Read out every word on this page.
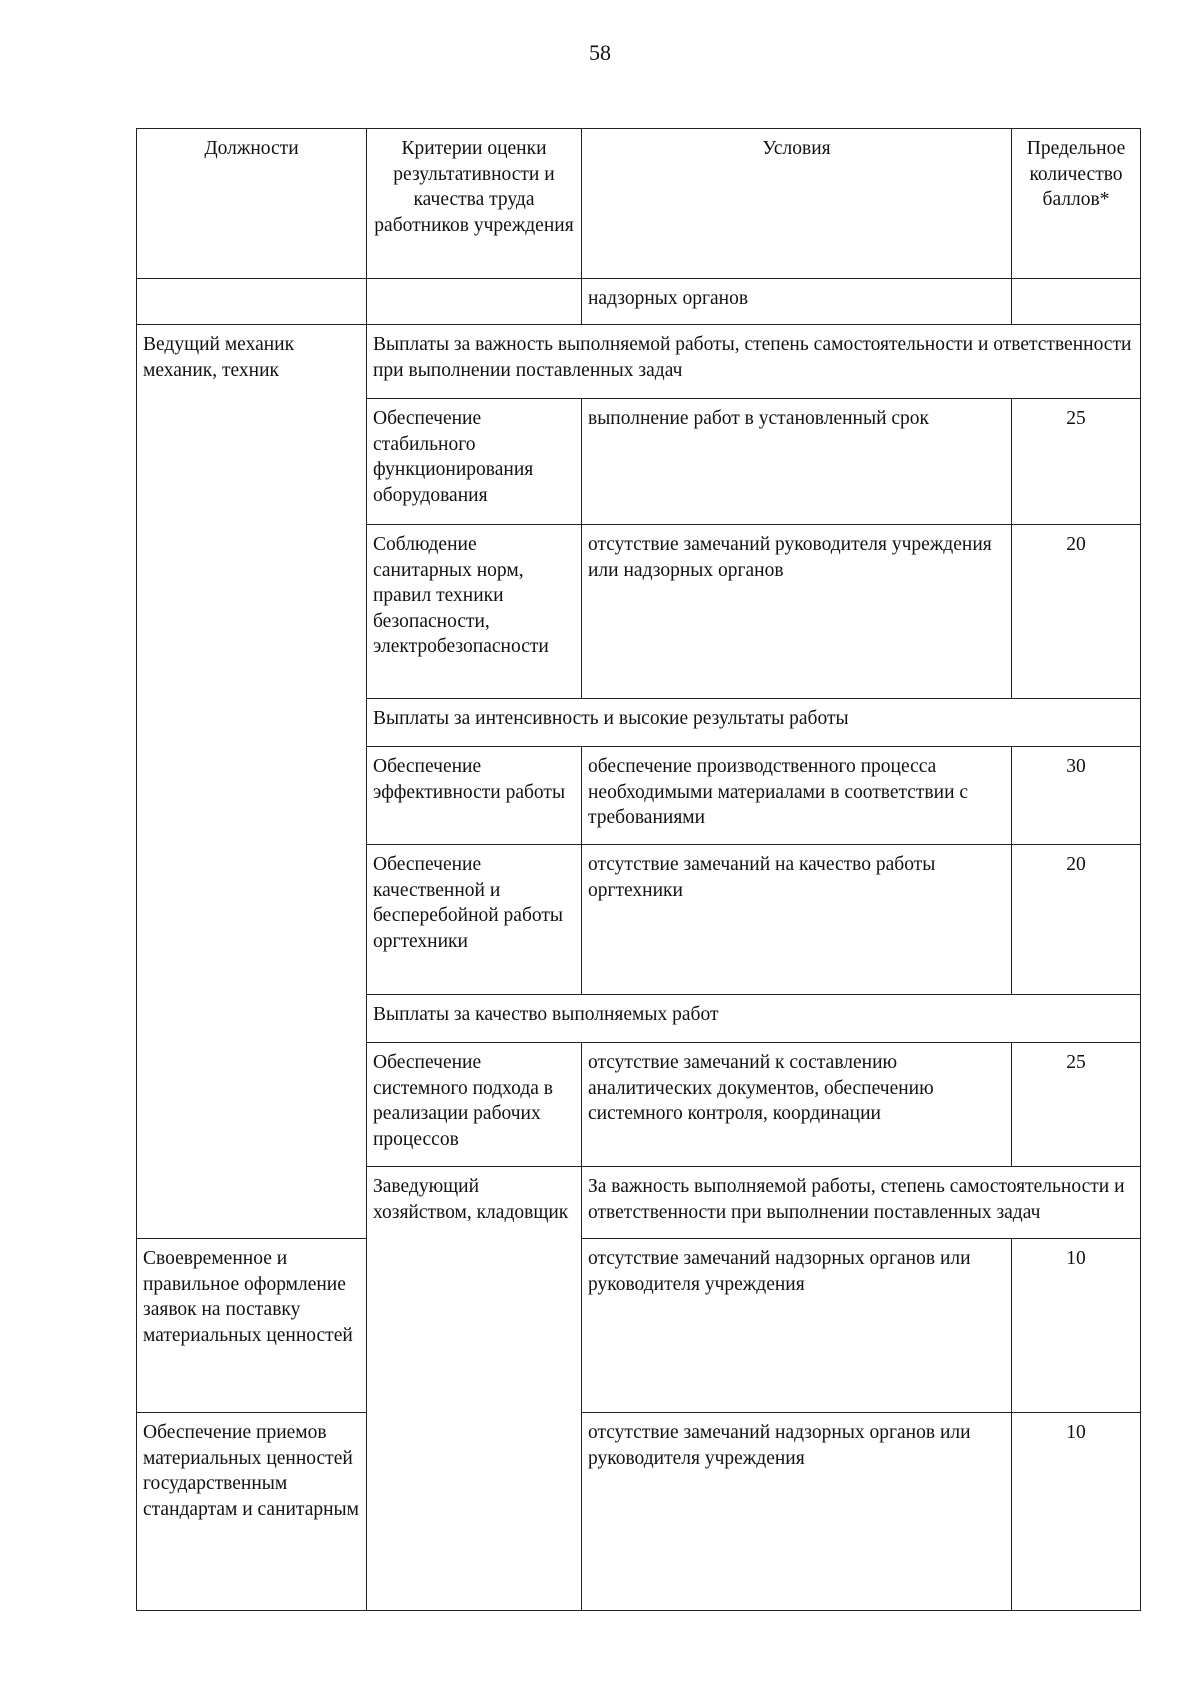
58
Должности	Критерии оценки результативности и качества труда работников учреждения	Условия	Предельное количество баллов*
		надзорных органов	
Ведущий механик механик, техник	Выплаты за важность выполняемой работы, степень самостоятельности и ответственности при выполнении поставленных задач		
	Обеспечение стабильного функционирования оборудования	выполнение работ в установленный срок	25
	Соблюдение санитарных норм, правил техники безопасности, электробезопасности	отсутствие замечаний руководителя учреждения или надзорных органов	20
	Выплаты за интенсивность и высокие результаты работы		
	Обеспечение эффективности работы	обеспечение производственного процесса необходимыми материалами в соответствии с требованиями	30
	Обеспечение качественной и бесперебойной работы оргтехники	отсутствие замечаний на качество работы оргтехники	20
	Выплаты за качество выполняемых работ		
	Обеспечение системного подхода в реализации рабочих процессов	отсутствие замечаний к составлению аналитических документов, обеспечению системного контроля, координации	25
	Заведующий хозяйством, кладовщик	За важность выполняемой работы, степень самостоятельности и ответственности при выполнении поставленных задач	
Своевременное и правильное оформление заявок на поставку материальных ценностей		отсутствие замечаний надзорных органов или руководителя учреждения	10
Обеспечение приемов материальных ценностей государственным стандартам и санитарным		отсутствие замечаний надзорных органов или руководителя учреждения	10
